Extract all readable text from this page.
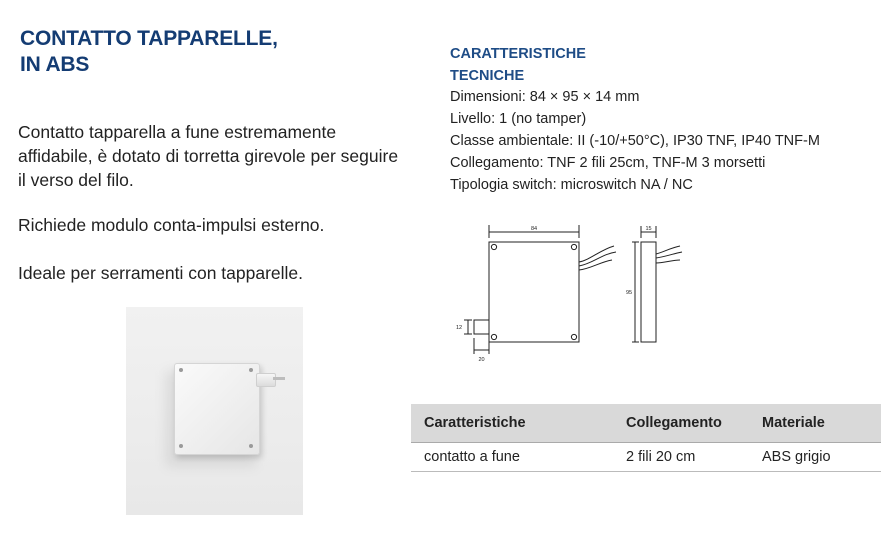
CONTATTO TAPPARELLE,
IN ABS

Contatto tapparella a fune estremamente affidabile, è dotato di torretta girevole per seguire il verso del filo.

Richiede modulo conta-impulsi esterno.

Ideale per serramenti con tapparelle.

CARATTERISTICHE
TECNICHE
Dimensioni: 84 × 95 × 14 mm
Livello: 1 (no tamper)
Classe ambientale: II (-10/+50°C), IP30 TNF, IP40 TNF-M
Collegamento: TNF 2 fili 25cm, TNF-M 3 morsetti
Tipologia switch: microswitch NA / NC
84	15
95
12
20
Caratteristiche	Collegamento	Materiale
contatto a fune	2 fili 20 cm	ABS grigio
